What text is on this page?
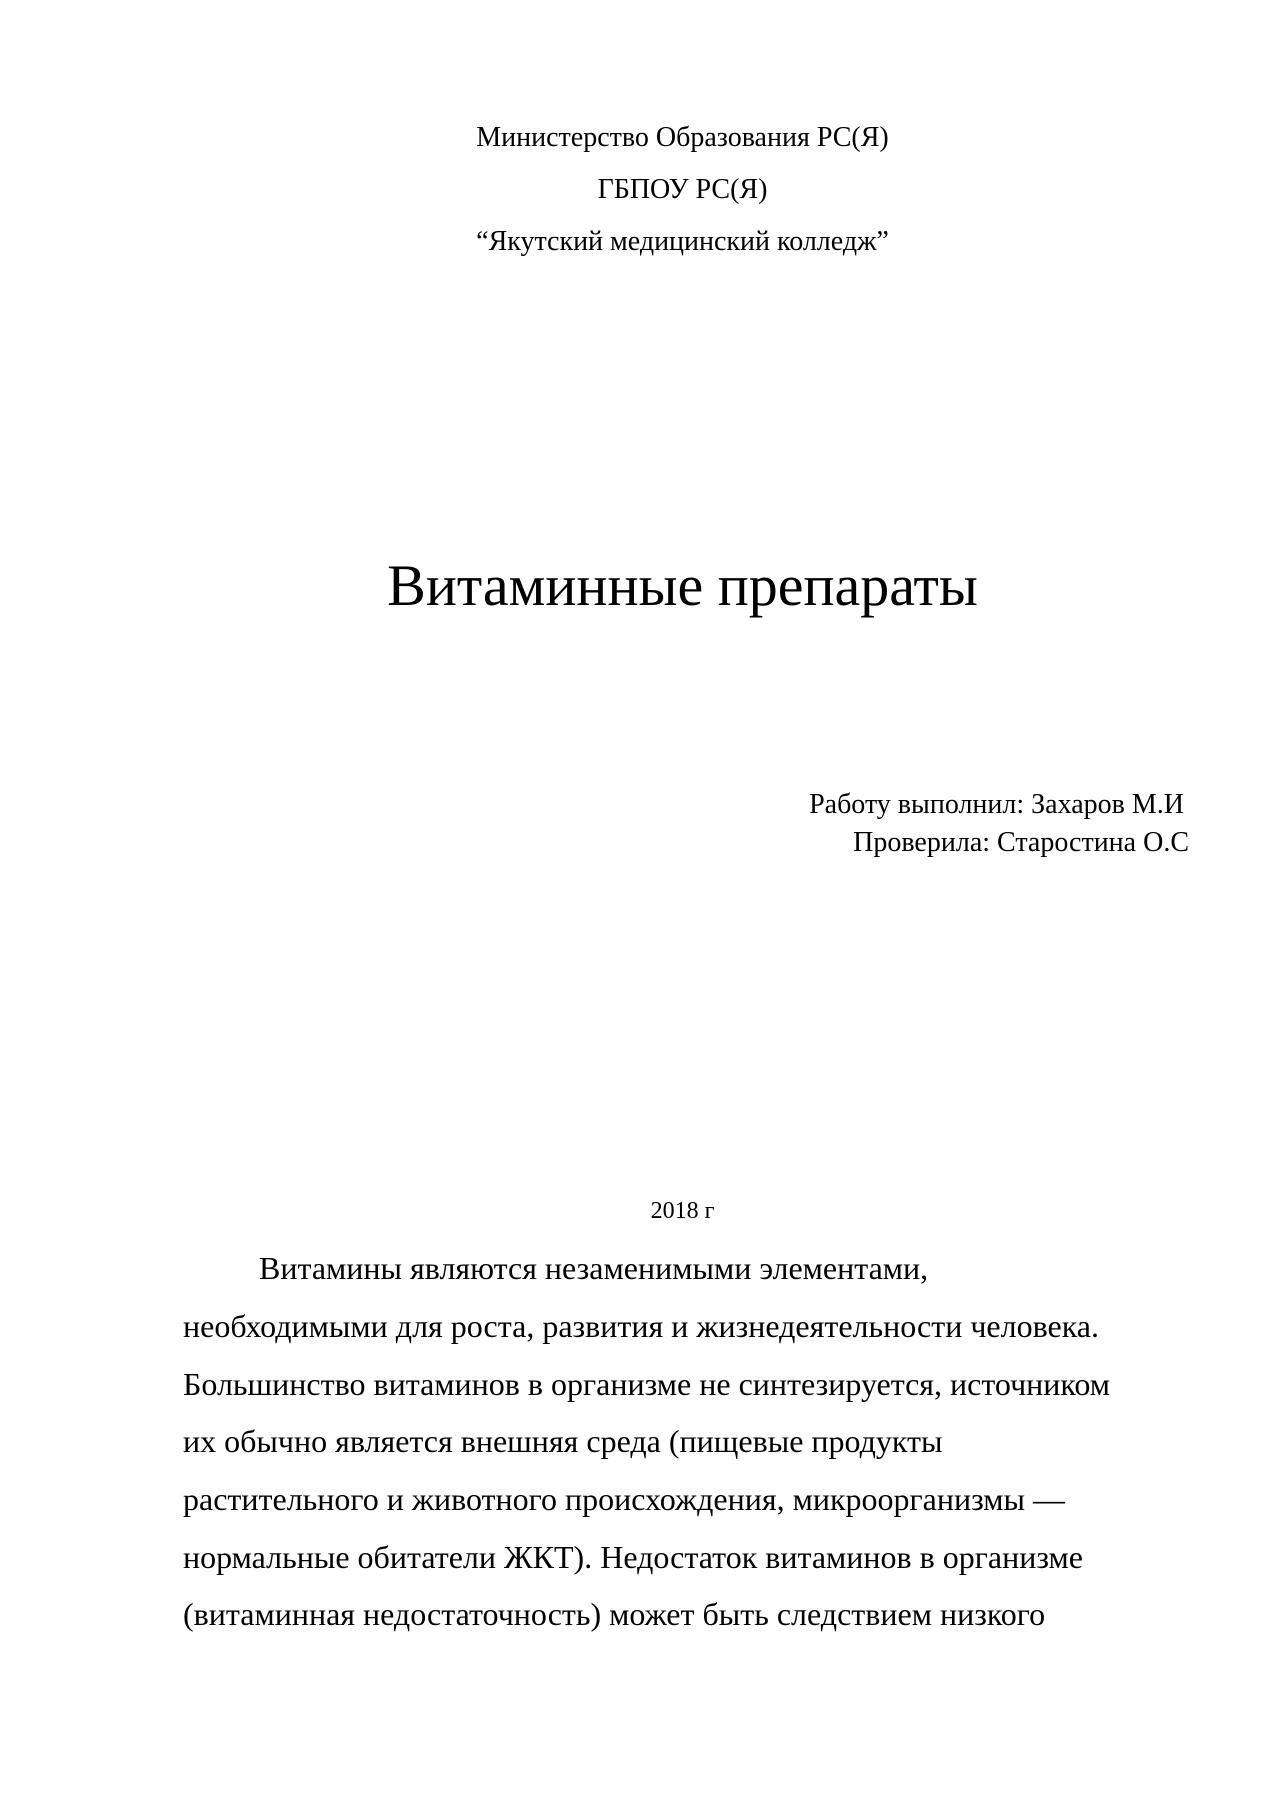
Министерство Образования РС(Я)
ГБПОУ РС(Я)
“Якутский медицинский колледж”
Витаминные препараты
Работу выполнил: Захаров М.И
Проверила: Старостина О.С
2018 г
Витамины являются незаменимыми элементами,
необходимыми для роста, развития и жизнедеятельности человека.
Большинство витаминов в организме не синтезируется, источником
их обычно является внешняя среда (пищевые продукты
растительного и животного происхождения, микроорганизмы —
нормальные обитатели ЖКТ). Недостаток витаминов в организме
(витаминная недостаточность) может быть следствием низкого
